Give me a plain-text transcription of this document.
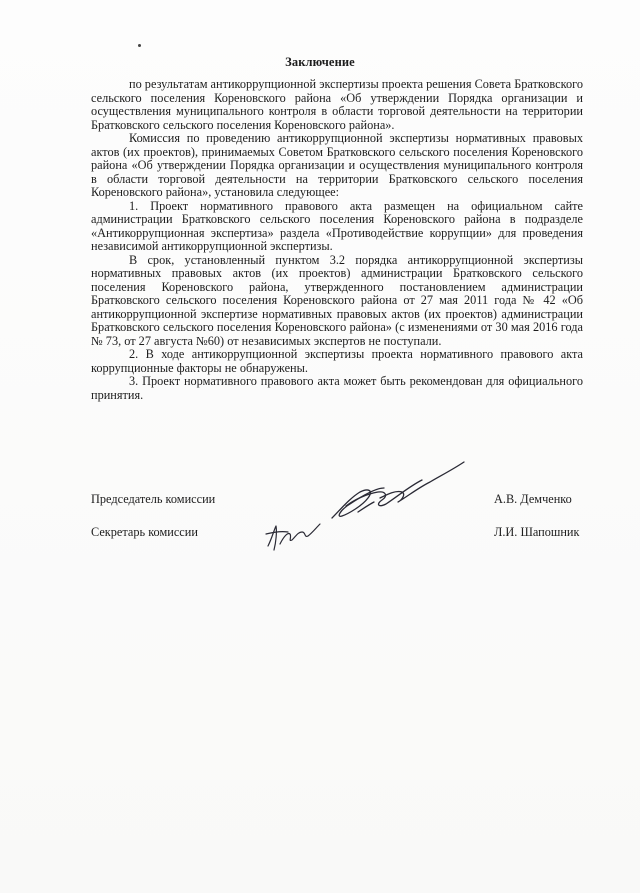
Заключение

по результатам антикоррупционной экспертизы проекта решения Совета Братковского сельского поселения Кореновского района «Об утверждении Порядка организации и осуществления муниципального контроля в области торговой деятельности на территории Братковского сельского поселения Кореновского района».

Комиссия по проведению антикоррупционной экспертизы нормативных правовых актов (их проектов), принимаемых Советом Братковского сельского поселения Кореновского района «Об утверждении Порядка организации и осуществления муниципального контроля в области торговой деятельности на территории Братковского сельского поселения Кореновского района», установила следующее:

1. Проект нормативного правового акта размещен на официальном сайте администрации Братковского сельского поселения Кореновского района в подразделе «Антикоррупционная экспертиза» раздела «Противодействие коррупции» для проведения независимой антикоррупционной экспертизы.

В срок, установленный пунктом 3.2 порядка антикоррупционной экспертизы нормативных правовых актов (их проектов) администрации Братковского сельского поселения Кореновского района, утвержденного постановлением администрации Братковского сельского поселения Кореновского района от 27 мая 2011 года № 42 «Об антикоррупционной экспертизе нормативных правовых актов (их проектов) администрации Братковского сельского поселения Кореновского района» (с изменениями от 30 мая 2016 года № 73, от 27 августа №60) от независимых экспертов не поступали.

2. В ходе антикоррупционной экспертизы проекта нормативного правового акта коррупционные факторы не обнаружены.

3. Проект нормативного правового акта может быть рекомендован для официального принятия.

Председатель комиссии	А.В. Демченко
Секретарь комиссии	Л.И. Шапошник
